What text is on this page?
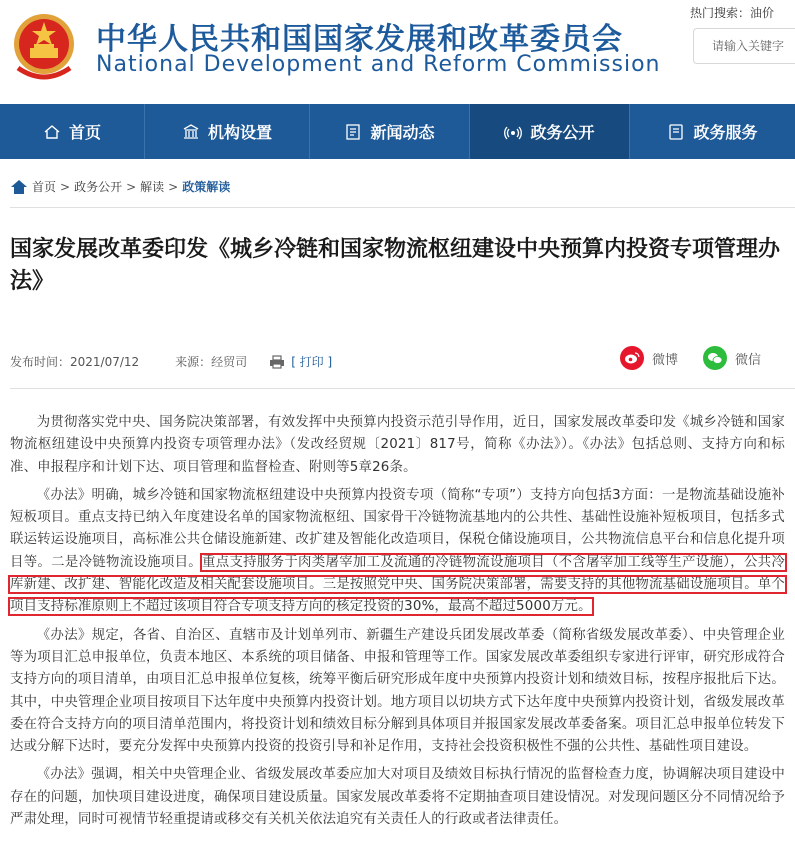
中华人民共和国国家发展和改革委员会
National Development and Reform Commission
热门搜索：油价
请输入关键字
首页	机构设置	新闻动态	政务公开	政务服务
首页 > 政务公开 > 解读 > 政策解读
国家发展改革委印发《城乡冷链和国家物流枢纽建设中央预算内投资专项管理办法》
发布时间：2021/07/12	来源：经贸司	[ 打印 ]	微博	微信

为贯彻落实党中央、国务院决策部署，有效发挥中央预算内投资示范引导作用，近日，国家发展改革委印发《城乡冷链和国家物流枢纽建设中央预算内投资专项管理办法》（发改经贸规〔2021〕817号，简称《办法》）。《办法》包括总则、支持方向和标准、申报程序和计划下达、项目管理和监督检查、附则等5章26条。

《办法》明确，城乡冷链和国家物流枢纽建设中央预算内投资专项（简称“专项”）支持方向包括3方面：一是物流基础设施补短板项目。重点支持已纳入年度建设名单的国家物流枢纽、国家骨干冷链物流基地内的公共性、基础性设施补短板项目，包括多式联运转运设施项目，高标准公共仓储设施新建、改扩建及智能化改造项目，保税仓储设施项目，公共物流信息平台和信息化提升项目等。二是冷链物流设施项目。重点支持服务于肉类屠宰加工及流通的冷链物流设施项目（不含屠宰加工线等生产设施），公共冷库新建、改扩建、智能化改造及相关配套设施项目。三是按照党中央、国务院决策部署，需要支持的其他物流基础设施项目。单个项目支持标准原则上不超过该项目符合专项支持方向的核定投资的30%，最高不超过5000万元。

《办法》规定，各省、自治区、直辖市及计划单列市、新疆生产建设兵团发展改革委（简称省级发展改革委）、中央管理企业等为项目汇总申报单位，负责本地区、本系统的项目储备、申报和管理等工作。国家发展改革委组织专家进行评审，研究形成符合支持方向的项目清单，由项目汇总申报单位复核，统筹平衡后研究形成年度中央预算内投资计划和绩效目标，按程序报批后下达。其中，中央管理企业项目按项目下达年度中央预算内投资计划。地方项目以切块方式下达年度中央预算内投资计划，省级发展改革委在符合支持方向的项目清单范围内，将投资计划和绩效目标分解到具体项目并报国家发展改革委备案。项目汇总申报单位转发下达或分解下达时，要充分发挥中央预算内投资的投资引导和补足作用，支持社会投资积极性不强的公共性、基础性项目建设。

《办法》强调，相关中央管理企业、省级发展改革委应加大对项目及绩效目标执行情况的监督检查力度，协调解决项目建设中存在的问题，加快项目建设进度，确保项目建设质量。国家发展改革委将不定期抽查项目建设情况。对发现问题区分不同情况给予严肃处理，同时可视情节轻重提请或移交有关机关依法追究有关责任人的行政或者法律责任。
